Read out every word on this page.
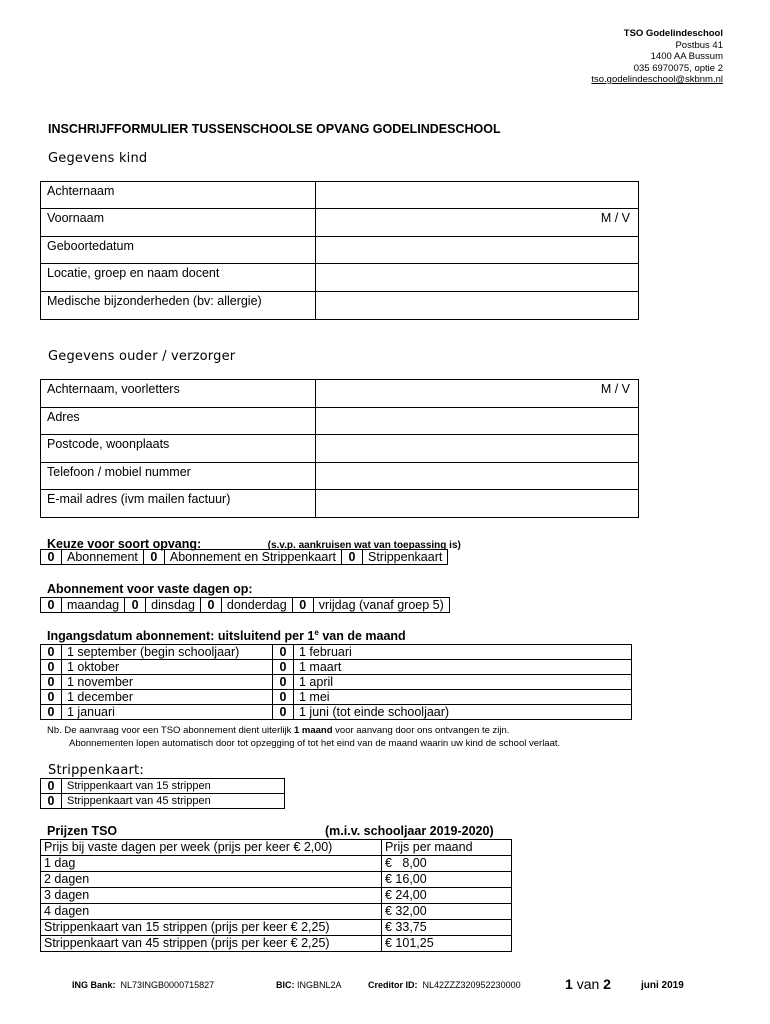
TSO Godelindeschool
Postbus 41
1400 AA Bussum
035 6970075, optie 2
tso.godelindeschool@skbnm.nl
INSCHRIJFFORMULIER TUSSENSCHOOLSE OPVANG GODELINDESCHOOL
Gegevens kind
Achternaam	
Voornaam	M / V
Geboortedatum	
Locatie, groep en naam docent	
Medische bijzonderheden (bv: allergie)	
Gegevens ouder / verzorger
Achternaam, voorletters	M / V
Adres	
Postcode, woonplaats	
Telefoon / mobiel nummer	
E-mail adres (ivm mailen factuur)	
Keuze voor soort opvang:	(s.v.p. aankruisen wat van toepassing is)
0	Abonnement	0	Abonnement en Strippenkaart	0	Strippenkaart
Abonnement voor vaste dagen op:
0	maandag	0	dinsdag	0	donderdag	0	vrijdag (vanaf groep 5)
Ingangsdatum abonnement: uitsluitend per 1e van de maand
0	1 september (begin schooljaar)	0	1 februari
0	1 oktober	0	1 maart
0	1 november	0	1 april
0	1 december	0	1 mei
0	1 januari	0	1 juni (tot einde schooljaar)
Nb. De aanvraag voor een TSO abonnement dient uiterlijk 1 maand voor aanvang door ons ontvangen te zijn.
Abonnementen lopen automatisch door tot opzegging of tot het eind van de maand waarin uw kind de school verlaat.
Strippenkaart:
0	Strippenkaart van 15 strippen
0	Strippenkaart van 45 strippen
Prijzen TSO	(m.i.v. schooljaar 2019-2020)
Prijs bij vaste dagen per week (prijs per keer € 2,00)	Prijs per maand
1 dag	€   8,00
2 dagen	€ 16,00
3 dagen	€ 24,00
4 dagen	€ 32,00
Strippenkaart van 15 strippen (prijs per keer € 2,25)	€ 33,75
Strippenkaart van 45 strippen (prijs per keer € 2,25)	€ 101,25
ING Bank: NL73INGB0000715827	BIC: INGBNL2A	Creditor ID: NL42ZZZ320952230000	1 van 2	juni 2019
